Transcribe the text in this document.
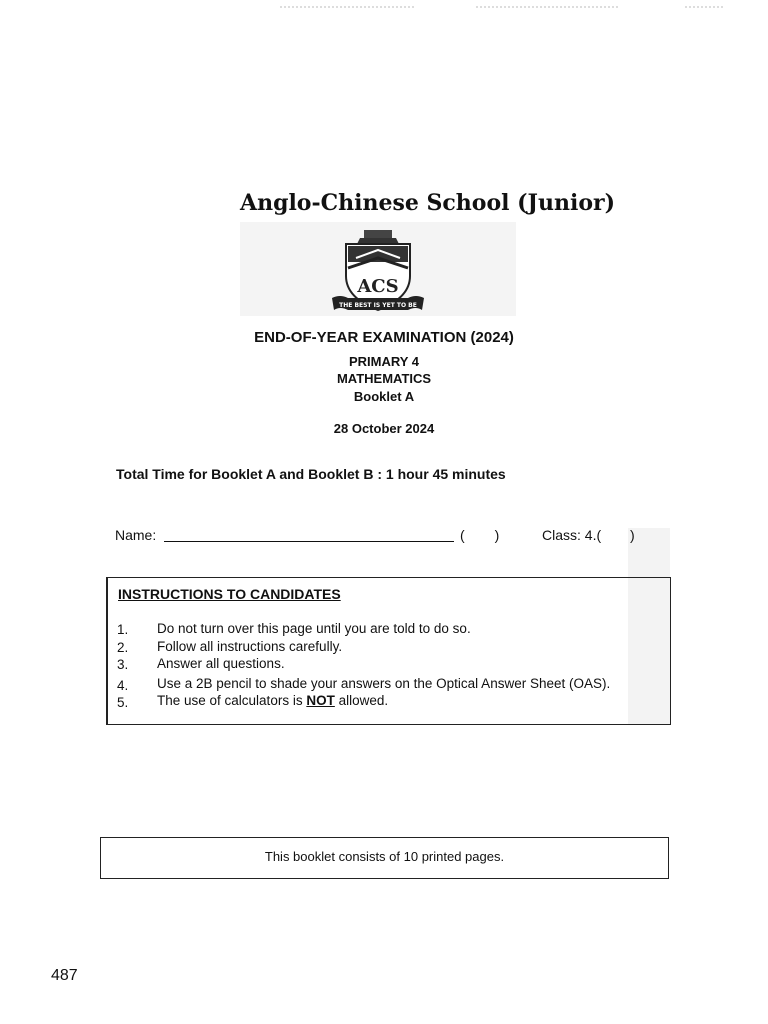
Anglo-Chinese School (Junior)
ACS
THE BEST IS YET TO BE
END-OF-YEAR EXAMINATION (2024)
PRIMARY 4
MATHEMATICS
Booklet A
28 October 2024
Total Time for Booklet A and Booklet B : 1 hour 45 minutes
Name:	( )	Class: 4.( )
INSTRUCTIONS TO CANDIDATES
1. Do not turn over this page until you are told to do so.
2. Follow all instructions carefully.
3. Answer all questions.
4. Use a 2B pencil to shade your answers on the Optical Answer Sheet (OAS).
5. The use of calculators is NOT allowed.
This booklet consists of 10 printed pages.
487
